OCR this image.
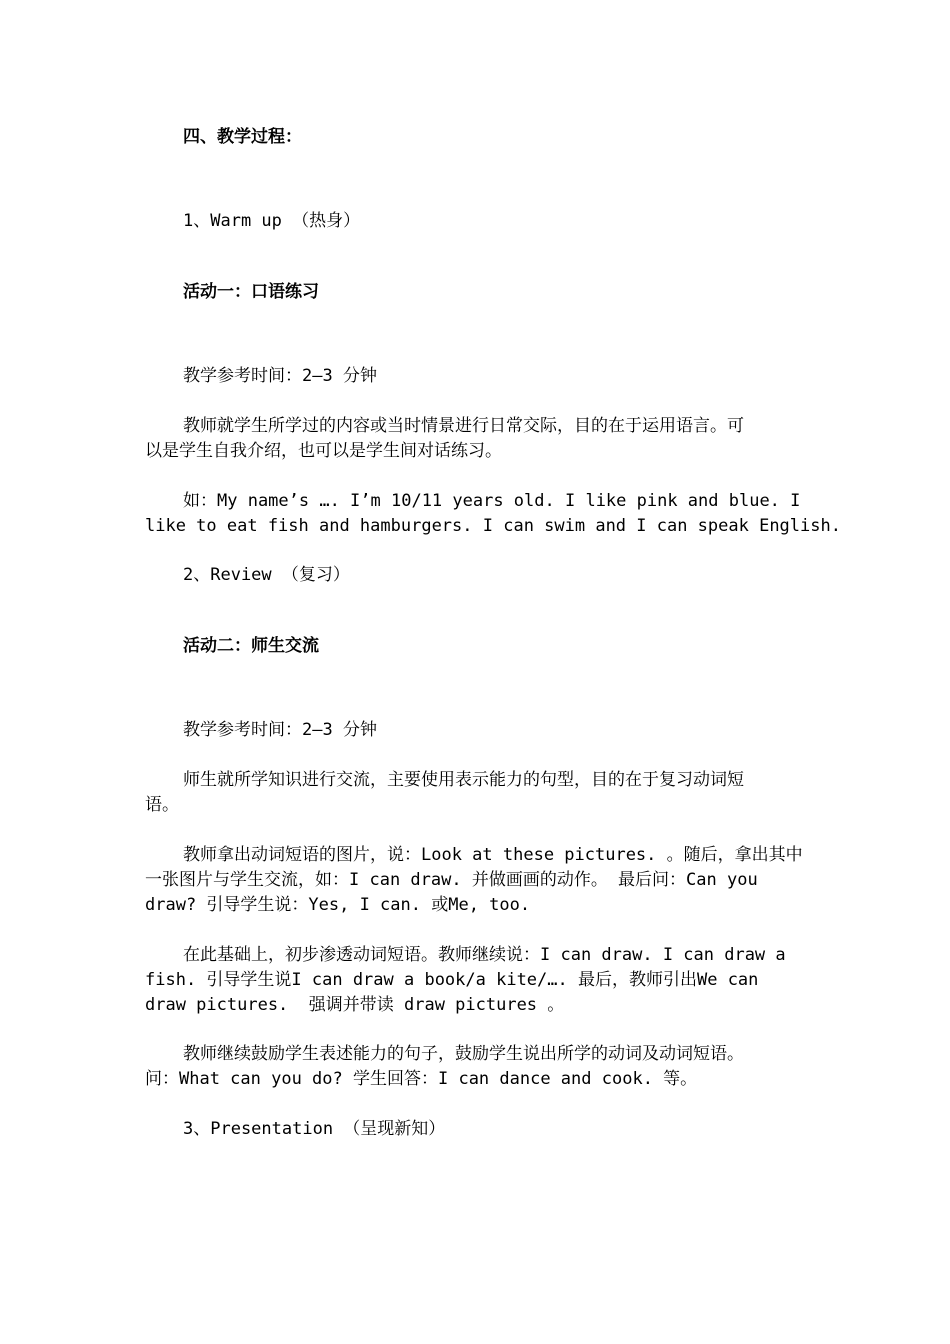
四、教学过程：
1、Warm up （热身）
活动一：口语练习
教学参考时间：2—3 分钟
教师就学生所学过的内容或当时情景进行日常交际，目的在于运用语言。可
以是学生自我介绍，也可以是学生间对话练习。
如：My name’s …. I’m 10/11 years old. I like pink and blue. I
like to eat fish and hamburgers. I can swim and I can speak English.
2、Review （复习）
活动二：师生交流
教学参考时间：2—3 分钟
师生就所学知识进行交流，主要使用表示能力的句型，目的在于复习动词短
语。
教师拿出动词短语的图片，说：Look at these pictures. 。随后，拿出其中
一张图片与学生交流，如：I can draw. 并做画画的动作。 最后问：Can you
draw? 引导学生说：Yes, I can. 或Me, too.
在此基础上，初步渗透动词短语。教师继续说：I can draw. I can draw a
fish. 引导学生说I can draw a book/a kite/…. 最后，教师引出We can
draw pictures.  强调并带读 draw pictures 。
教师继续鼓励学生表述能力的句子，鼓励学生说出所学的动词及动词短语。
问：What can you do? 学生回答：I can dance and cook. 等。
3、Presentation （呈现新知）
